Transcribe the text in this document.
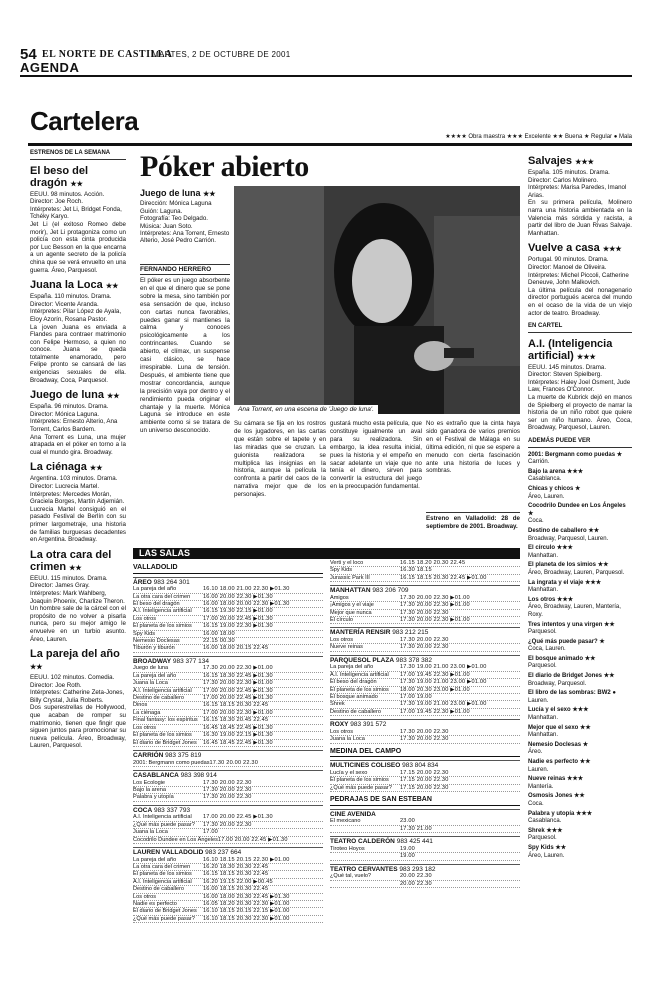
54 EL NORTE DE CASTILLA
MARTES, 2 DE OCTUBRE DE 2001
AGENDA
Cartelera
★★★★ Obra maestra ★★★ Excelente ★★ Buena ★ Regular ● Mala
ESTRENOS DE LA SEMANA
El beso del dragón ★★
EEUU. 98 minutos. Acción.
Director: Joe Roch.
Intérpretes: Jet Li, Bridget Fonda, Tchéky Karyo.
Jet Li (el exitoso Romeo debe morir), Jet Li protagoniza como un policía con esta cinta producida por Luc Besson en la que encarna a un agente secreto de la policía china que se verá envuelto en una guerra. Áreo, Parquesol.
Juana la Loca ★★
España. 110 minutos. Drama.
Director: Vicente Aranda.
Intérpretes: Pilar López de Ayala, Eloy Azorín, Rosana Pastor.
La joven Juana es enviada a Flandes para contraer matrimonio con Felipe Hermoso, a quien no conoce. Juana se queda totalmente enamorado, pero Felipe pronto se cansará de las exigencias sexuales de ella. Broadway, Coca, Parquesol.
Juego de luna ★★
España. 96 minutos. Drama.
Director: Mónica Laguna.
Intérpretes: Ernesto Alterio, Ana Torrent, Carlos Bardem.
Ana Torrent es Luna, una mujer atrapada en el póker en torno a la cual el mundo gira. Broadway.
La ciénaga ★★
Argentina. 103 minutos. Drama.
Director: Lucrecia Martel.
Intérpretes: Mercedes Morán, Graciela Borges, Martín Adjemián.
Lucrecia Martel consiguió en el pasado Festival de Berlín con su primer largometraje, una historia de familias burguesas decadentes en Argentina. Broadway.
La otra cara del crimen ★★
EEUU. 115 minutos. Drama.
Director: James Gray.
Intérpretes: Mark Wahlberg, Joaquin Phoenix, Charlize Theron.
Un hombre sale de la cárcel con el propósito de no volver a pisarla nunca, pero su mejor amigo le envuelve en un turbio asunto. Áreo, Lauren.
La pareja del año ★★
EEUU. 102 minutos. Comedia.
Director: Joe Roth.
Intérpretes: Catherine Zeta-Jones, Billy Crystal, Julia Roberts.
Dos superestrellas de Hollywood, que acaban de romper su matrimonio, tienen que fingir que siguen juntos para promocionar su nueva película. Áreo, Broadway, Lauren, Parquesol.
Póker abierto
Juego de luna ★★
Dirección: Mónica Laguna
Guión: Laguna.
Fotografía: Teo Delgado.
Música: Juan Soto.
Intérpretes: Ana Torrent, Ernesto Alterio, José Pedro Carrión.
FERNANDO HERRERO
El póker es un juego absorbente en el que el dinero que se pone sobre la mesa, sino también por esa sensación de que, incluso con cartas nunca favorables, puedes ganar si mantienes la calma y conoces psicológicamente a los contrincantes. Cuando se abierto, el clímax, un suspense casi clásico, se hace irrespirable. Luna de tensión. Después, el ambiente tiene que mostrar concordancia, aunque la precisión vaya por dentro y el rendimiento pueda originar el chantaje y la muerte. Mónica Laguna se introduce en este ambiente como si se tratara de un universo desconocido.
Ana Torrent, en una escena de 'Juego de luna'.
Su cámara se fija en los rostros de los jugadores, en las cartas que están sobre el tapete y en las miradas que se cruzan. La guionista realizadora se multiplica las insignias en la historia, aunque la película la confronta a partir del caos de la narrativa mejor que de los personajes.
gustará mucho esta película, que constituye igualmente un aval para su realizadora. Sin embargo, la idea resulta inicial, pues la historia y el empeño en sacar adelante un viaje que no tenía el dinero, sirven para convertir la estructura del juego en la preocupación fundamental.
No es extraño que la cinta haya sido ganadora de varios premios en el Festival de Málaga en su última edición, ni que se espere a menudo con cierta fascinación ante una historia de luces y sombras.
Estreno en Valladolid: 28 de septiembre de 2001. Broadway.
LAS SALAS
VALLADOLID
ÁREO 983 264 301
La pareja del año	16.10 18.00 21.00 22.30 ▶01.30
La otra cara del crimen	16.00 20.00 22.30 ▶01.30
El beso del dragón	16.00 18.00 20.00 22.30 ▶01.30
A.I. Inteligencia artificial	16.15 19.30 22.15 ▶01.00
Los otros	17.00 20.00 22.45 ▶01.30
El planeta de los simios	16.15 19.00 22.30 ▶01.30
Spy Kids	16.00 18.00
Nemesio Doclesas	22.15 00.30
Tiburón y tiburón	16.00 18.00 20.15 22.45
BROADWAY 983 377 134
Juego de luna	17.30 20.00 22.30 ▶01.00
La pareja del año	16.15 18.30 22.45 ▶01.30
Juana la Loca	17.30 20.00 22.30 ▶01.00
A.I. Inteligencia artificial	17.00 20.00 22.45 ▶01.30
Destino de caballero	17.00 20.00 22.45 ▶01.30
Dinos	16.15 18.15 20.30 22.45
La ciénaga	17.00 20.00 22.30 ▶01.00
Final fantasy: los espíritus 16.15 18.30 20.45 22.45
Los otros	16.45 18.45 22.45 ▶01.30
El planeta de los simios	16.30 19.00 22.15 ▶01.30
El diario de Bridget Jones	16.45 18.45 22.45 ▶01.30
CARRIÓN 983 375 819
2001: Bergmann como puedas 17.30 20.00 22.30
CASABLANCA 983 398 914
Los Ecologie	17.30 20.00 22.30
Bajo la arena	17.30 20.00 22.30
Palabra y utopía	17.30 20.00 22.30
COCA 983 337 793
A.I. Inteligencia artificial	17.00 20.00 22.45 ▶01.30
¿Qué más puede pasar?	17.30 20.00 22.30
Juana la Loca	17.00
Cocodrilo Dundee en Los Ángeles 17.00 20.00 22.45 ▶01.30
LAUREN VALLADOLID 983 237 664
La pareja del año	16.10 18.15 20.15 22.30 ▶01.00
La otra cara del crimen	16.20 18.30 20.30 22.45
El planeta de los simios	16.15 18.15 20.30 22.45
A.I. Inteligencia artificial	16.20 19.15 22.00 ▶00.45
Destino de caballero	16.00 18.15 20.30 22.45
Los otros	16.00 18.00 20.30 22.45 ▶01.30
Nadie es perfecto	16.05 18.20 20.30 22.30 ▶01.00
El diario de Bridget Jones	16.10 18.15 20.15 22.15 ▶01.00
¿Qué más puede pasar?	16.10 18.15 20.30 22.30 ▶01.00
Verti y el loco	16.15 18.20 20.30 22.45
Spy Kids	16.30 18.15
Jurassic Park III	16.15 18.15 20.30 22.45 ▶01.00
MANHATTAN 983 206 709
Amigos	17.30 20.00 22.30 ▶01.00
¡Amigos y el viaje	17.30 20.00 22.30 ▶01.00
Mejor que nunca	17.30 20.00 22.30
El círculo	17.30 20.00 22.30 ▶01.00
MANTERÍA RENSIR 983 212 215
Los otros	17.30 20.00 22.30
Nueve reinas	17.30 20.00 22.30
PARQUESOL PLAZA 983 378 382
La pareja del año	17.30 19.00 21.00 23.00 ▶01.00
A.I. Inteligencia artificial	17.00 19.45 22.30 ▶01.00
El beso del dragón	17.30 19.00 21.00 23.00 ▶01.00
El planeta de los simios	18.00 20.30 23.00 ▶01.00
El bosque animado	17.00 19.00
Shrek	17.30 19.00 21.00 23.00 ▶01.00
Destino de caballero	17.00 19.45 22.30 ▶01.00
ROXY 983 391 572
Los otros	17.30 20.00 22.30
Juana la Loca	17.30 20.00 22.30
MEDINA DEL CAMPO
MULTICINES COLISEO 983 804 834
Lucía y el sexo	17.15 20.00 22.30
El planeta de los simios	17.15 20.00 22.30
¿Qué más puede pasar?	17.15 20.00 22.30
PEDRAJAS DE SAN ESTEBAN
CINE AVENIDA
El mexicano	23.00
17.30 21.00
TEATRO CALDERÓN 983 425 441
Tiroteo Hoyos	19.00
19.00
TEATRO CERVANTES 983 293 182
¿Qué tal, vuelo?	20.00 22.30
20.00 22.30
Salvajes ★★★
España. 105 minutos. Drama.
Director: Carlos Molinero.
Intérpretes: Marisa Paredes, Imanol Arias.
En su primera película, Molinero narra una historia ambientada en la Valencia más sórdida y racista, a partir del libro de Juan Rivas Salvaje. Manhattan.
Vuelve a casa ★★★
Portugal. 90 minutos. Drama.
Director: Manoel de Oliveira.
Intérpretes: Michel Piccoli, Catherine Deneuve, John Malkovich.
La última película del nonagenario director portugués acerca del mundo en el ocaso de la vida de un viejo actor de teatro. Broadway.
EN CARTEL
A.I. (Inteligencia artificial) ★★★
EEUU. 145 minutos. Drama.
Director: Steven Spielberg.
Intérpretes: Haley Joel Osment, Jude Law, Frances O'Connor.
La muerte de Kubrick dejó en manos de Spielberg el proyecto de narrar la historia de un niño robot que quiere ser un niño humano. Áreo, Coca, Broadway, Parquesol, Lauren.
ADEMÁS PUEDE VER
2001: Bergmann como puedas ★
Carrión.
Bajo la arena ★★★
Casablanca.
Chicas y chicos ★
Áreo, Lauren.
Cocodrilo Dundee en Los Ángeles ★
Coca.
Destino de caballero ★★
Broadway, Parquesol, Lauren.
El círculo ★★★
Manhattan.
El planeta de los simios ★★
Áreo, Broadway, Lauren, Parquesol.
La ingrata y el viaje ★★★
Manhattan.
Los otros ★★★
Áreo, Broadway, Lauren, Mantería, Roxy.
Tres intentos y una virgen ★★
Parquesol.
¿Qué más puede pasar? ★
Coca, Lauren.
El bosque animado ★★
Parquesol.
El diario de Bridget Jones ★★
Broadway, Parquesol.
El libro de las sombras: BW2 ●
Lauren.
Lucía y el sexo ★★★
Manhattan.
Mejor que el sexo ★★
Manhattan.
Nemesio Doclesas ★
Áreo.
Nadie es perfecto ★★
Lauren.
Nueve reinas ★★★
Mantería.
Osmosis Jones ★★
Coca.
Palabra y utopía ★★★
Casablanca.
Shrek ★★★
Parquesol.
Spy Kids ★★
Áreo, Lauren.
